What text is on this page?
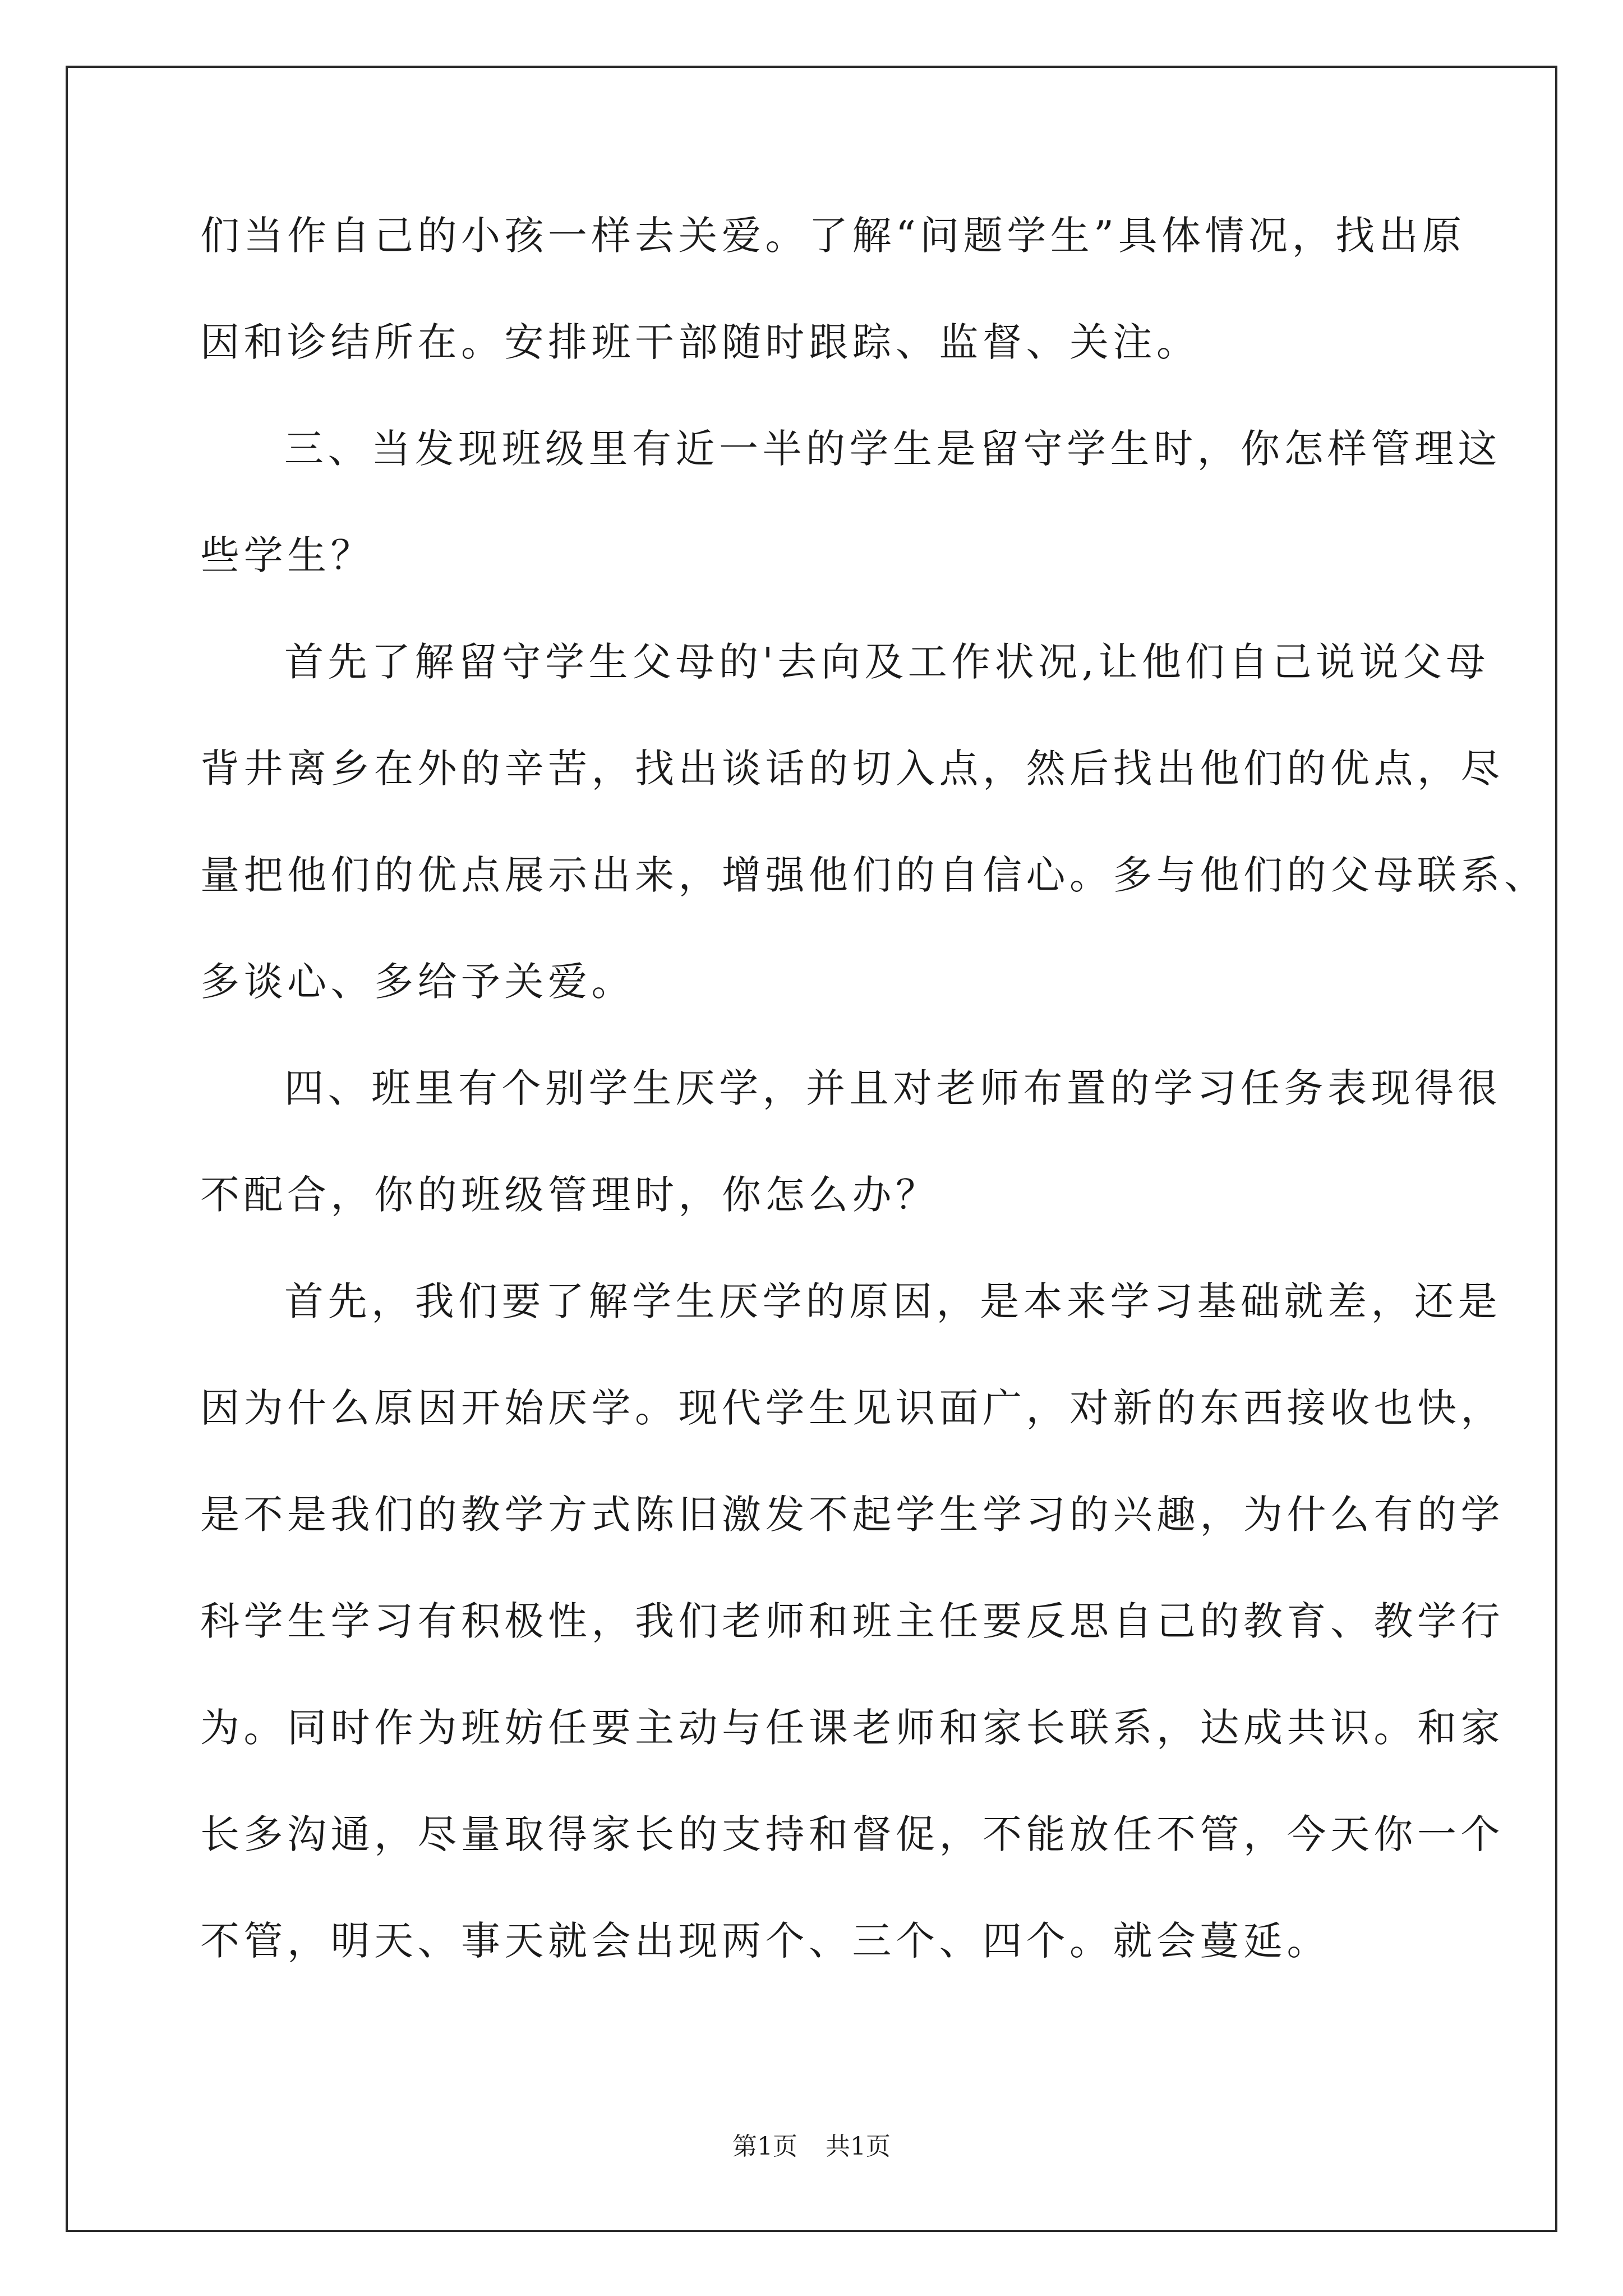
们当作自己的小孩一样去关爱。了解“问题学生”具体情况，找出原
因和诊结所在。安排班干部随时跟踪、监督、关注。
三、当发现班级里有近一半的学生是留守学生时，你怎样管理这
些学生？
首先了解留守学生父母的'去向及工作状况,让他们自己说说父母
背井离乡在外的辛苦，找出谈话的切入点，然后找出他们的优点，尽
量把他们的优点展示出来，增强他们的自信心。多与他们的父母联系、
多谈心、多给予关爱。
四、班里有个别学生厌学，并且对老师布置的学习任务表现得很
不配合，你的班级管理时，你怎么办？
首先，我们要了解学生厌学的原因，是本来学习基础就差，还是
因为什么原因开始厌学。现代学生见识面广，对新的东西接收也快，
是不是我们的教学方式陈旧激发不起学生学习的兴趣，为什么有的学
科学生学习有积极性，我们老师和班主任要反思自己的教育、教学行
为。同时作为班妨任要主动与任课老师和家长联系，达成共识。和家
长多沟通，尽量取得家长的支持和督促，不能放任不管，今天你一个
不管，明天、事天就会出现两个、三个、四个。就会蔓延。
第1页 共1页
